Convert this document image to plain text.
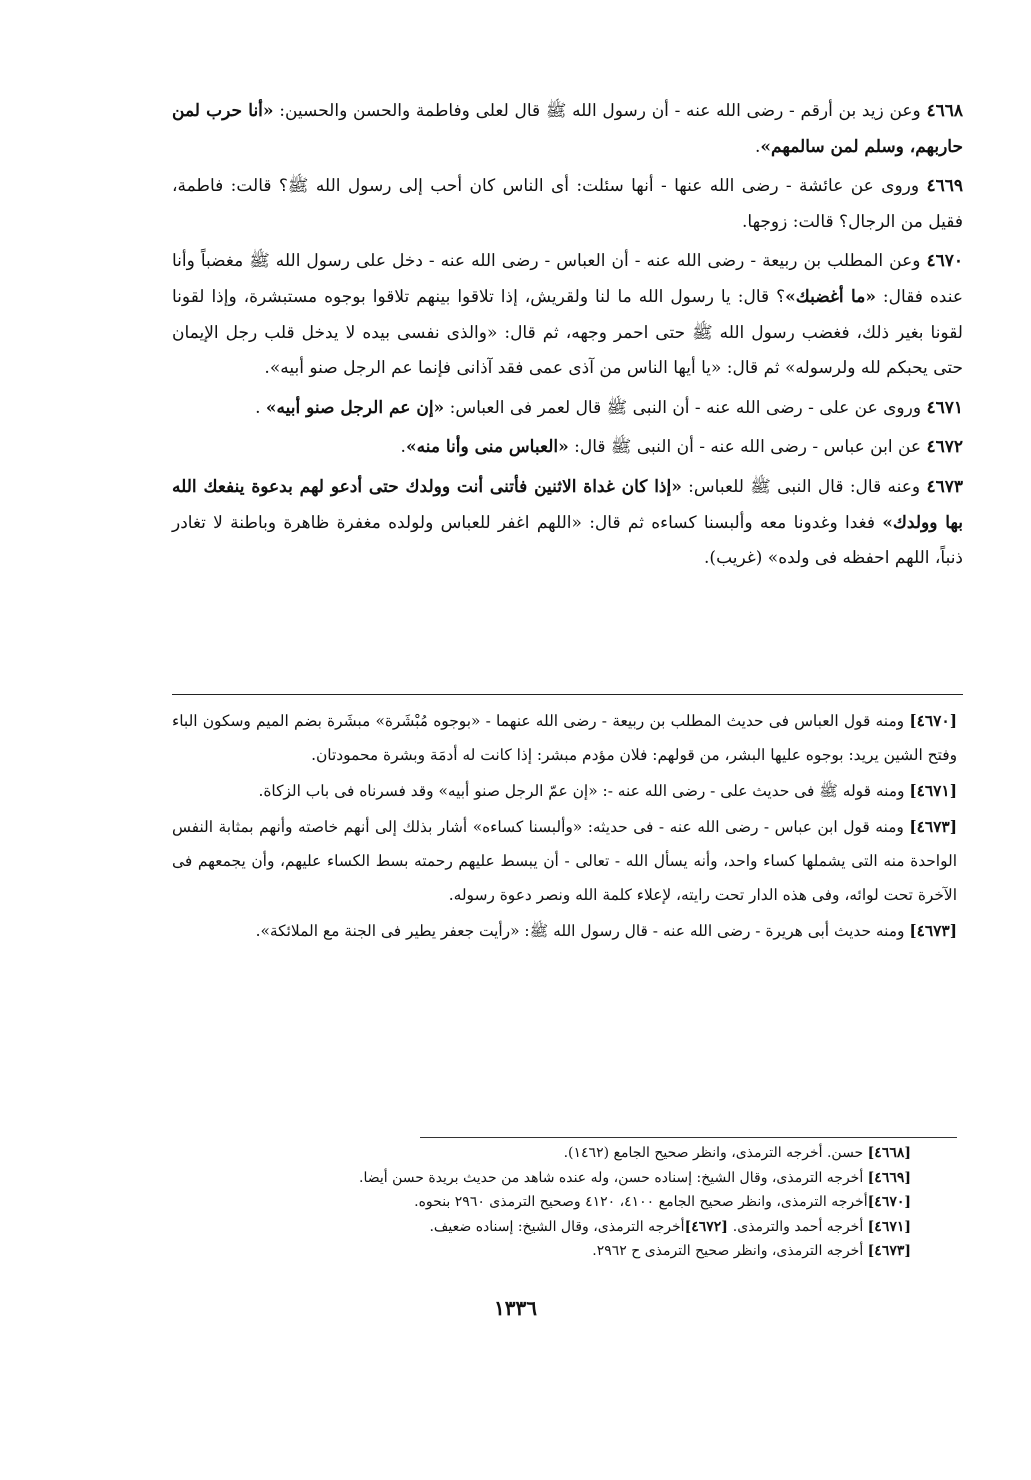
٤٦٦٨ وعن زيد بن أرقم - رضى الله عنه - أن رسول الله ﷺ قال لعلى وفاطمة والحسن والحسين: «أنا حرب لمن حاربهم، وسلم لمن سالمهم».

٤٦٦٩ وروى عن عائشة - رضى الله عنها - أنها سئلت: أى الناس كان أحب إلى رسول الله ﷺ؟ قالت: فاطمة، فقيل من الرجال؟ قالت: زوجها.

٤٦٧٠ وعن المطلب بن ربيعة - رضى الله عنه - أن العباس - رضى الله عنه - دخل على رسول الله ﷺ مغضباً وأنا عنده فقال: «ما أغضبك»؟ قال: يا رسول الله ما لنا ولقريش، إذا تلاقوا بينهم تلاقوا بوجوه مستبشرة، وإذا لقونا لقونا بغير ذلك، فغضب رسول الله ﷺ حتى احمر وجهه، ثم قال: «والذى نفسى بيده لا يدخل قلب رجل الإيمان حتى يحبكم لله ولرسوله» ثم قال: «يا أيها الناس من آذى عمى فقد آذانى فإنما عم الرجل صنو أبيه».

٤٦٧١ وروى عن على - رضى الله عنه - أن النبى ﷺ قال لعمر فى العباس: «إن عم الرجل صنو أبيه» .

٤٦٧٢ عن ابن عباس - رضى الله عنه - أن النبى ﷺ قال: «العباس منى وأنا منه».

٤٦٧٣ وعنه قال: قال النبى ﷺ للعباس: «إذا كان غداة الاثنين فأتنى أنت وولدك حتى أدعو لهم بدعوة ينفعك الله بها وولدك» فغدا وغدونا معه وألبسنا كساءه ثم قال: «اللهم اغفر للعباس ولولده مغفرة ظاهرة وباطنة لا تغادر ذنباً، اللهم احفظه فى ولده» (غريب).

[٤٦٧٠] ومنه قول العباس فى حديث المطلب بن ربيعة - رضى الله عنهما - «بوجوه مُبْشَرة» مبشَرة بضم الميم وسكون الباء وفتح الشين يريد: بوجوه عليها البشر، من قولهم: فلان مؤدم مبشر: إذا كانت له أدمَة وبشرة محمودتان.

[٤٦٧١] ومنه قوله ﷺ فى حديث على - رضى الله عنه -: «إن عمّ الرجل صنو أبيه» وقد فسرناه فى باب الزكاة.

[٤٦٧٣] ومنه قول ابن عباس - رضى الله عنه - فى حديثه: «وألبسنا كساءه» أشار بذلك إلى أنهم خاصته وأنهم بمثابة النفس الواحدة منه التى يشملها كساء واحد، وأنه يسأل الله - تعالى - أن يبسط عليهم رحمته بسط الكساء عليهم، وأن يجمعهم فى الآخرة تحت لوائه، وفى هذه الدار تحت رايته، لإعلاء كلمة الله ونصر دعوة رسوله.

[٤٦٧٣] ومنه حديث أبى هريرة - رضى الله عنه - قال رسول الله ﷺ: «رأيت جعفر يطير فى الجنة مع الملائكة».

[٤٦٦٨] حسن. أخرجه الترمذى، وانظر صحيح الجامع (١٤٦٢).

[٤٦٦٩] أخرجه الترمذى، وقال الشيخ: إسناده حسن، وله عنده شاهد من حديث بريدة حسن أيضا.

[٤٦٧٠]أخرجه الترمذى، وانظر صحيح الجامع ٤١٠٠، ٤١٢٠ وصحيح الترمذى ٢٩٦٠ بنحوه.

[٤٦٧١] أخرجه أحمد والترمذى. [٤٦٧٢]أخرجه الترمذى، وقال الشيخ: إسناده ضعيف.

[٤٦٧٣] أخرجه الترمذى، وانظر صحيح الترمذى ح ٢٩٦٢.

١٣٣٦
